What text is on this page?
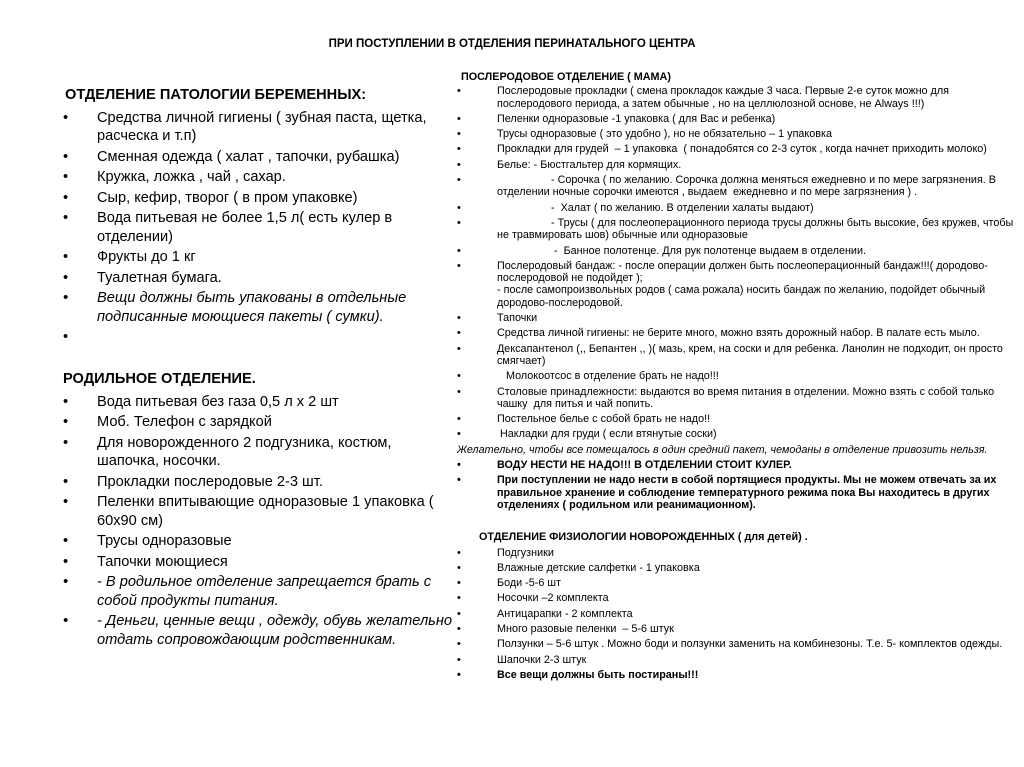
ПРИ ПОСТУПЛЕНИИ В ОТДЕЛЕНИЯ ПЕРИНАТАЛЬНОГО ЦЕНТРА
ОТДЕЛЕНИЕ ПАТОЛОГИИ БЕРЕМЕННЫХ:
• Средства личной гигиены ( зубная паста, щетка, расческа и т.п)
• Сменная одежда ( халат , тапочки, рубашка)
• Кружка, ложка , чай , сахар.
• Сыр, кефир, творог ( в пром упаковке)
• Вода питьевая не более 1,5 л( есть кулер в отделении)
• Фрукты до 1 кг
• Туалетная бумага.
• Вещи должны быть упакованы в отдельные подписанные моющиеся пакеты ( сумки).
•
РОДИЛЬНОЕ ОТДЕЛЕНИЕ.
• Вода питьевая без газа 0,5 л х 2 шт
• Моб. Телефон с зарядкой
• Для новорожденного 2 подгузника, костюм, шапочка, носочки.
• Прокладки послеродовые 2-3 шт.
• Пеленки впитывающие одноразовые 1 упаковка ( 60х90 см)
• Трусы одноразовые
• Тапочки моющиеся
• - В родильное отделение запрещается брать с собой продукты питания.
• - Деньги, ценные вещи , одежду, обувь желательно отдать сопровождающим родственникам.
ПОСЛЕРОДОВОЕ ОТДЕЛЕНИЕ ( МАМА)
•	Послеродовые прокладки ( смена прокладок каждые 3 часа. Первые 2-е суток можно для послеродового периода, а затем обычные , но на целлюлозной основе, не Always !!!)
•	Пеленки одноразовые -1 упаковка ( для Вас и ребенка)
•	Трусы одноразовые ( это удобно ), но не обязательно – 1 упаковка
•	Прокладки для грудей  – 1 упаковка  ( понадобятся со 2-3 суток , когда начнет приходить молоко)
•	Белье: - Бюстгальтер для кормящих.
•	- Сорочка ( по желанию. Сорочка должна меняться ежедневно и по мере загрязнения. В отделении ночные сорочки имеются , выдаем  ежедневно и по мере загрязнения ) .
•	-  Халат ( по желанию. В отделении халаты выдают)
•	- Трусы ( для послеоперационного периода трусы должны быть высокие, без кружев, чтобы не травмировать шов) обычные или одноразовые
•	-  Банное полотенце. Для рук полотенце выдаем в отделении.
•	Послеродовый бандаж: - после операции должен быть послеоперационный бандаж!!!( дородово-послеродовой не подойдет );
- после самопроизвольных родов ( сама рожала) носить бандаж по желанию, подойдет обычный дородово-послеродовой.
•	Тапочки
•	Средства личной гигиены: не берите много, можно взять дорожный набор. В палате есть мыло.
•	Дексапантенол (,, Бепантен ,, )( мазь, крем, на соски и для ребенка. Ланолин не подходит, он просто смягчает)
•	Молокоотсос в отделение брать не надо!!!
•	Столовые принадлежности: выдаются во время питания в отделении. Можно взять с собой только чашку  для питья и чай попить.
•	Постельное белье с собой брать не надо!!
•	Накладки для груди ( если втянутые соски)
Желательно, чтобы все помещалось в один средний пакет, чемоданы в отделение привозить нельзя.
•	ВОДУ НЕСТИ НЕ НАДО!!! В ОТДЕЛЕНИИ СТОИТ КУЛЕР.
•	При поступлении не надо нести в собой портящиеся продукты. Мы не можем отвечать за их правильное хранение и соблюдение температурного режима пока Вы находитесь в других отделениях ( родильном или реанимационном).
ОТДЕЛЕНИЕ ФИЗИОЛОГИИ НОВОРОЖДЕННЫХ ( для детей) .
•	Подгузники
•	Влажные детские салфетки - 1 упаковка
•	Боди -5-6 шт
•	Носочки –2 комплекта
•	Антицарапки - 2 комплекта
•	Много разовые пеленки  – 5-6 штук
•	Ползунки – 5-6 штук . Можно боди и ползунки заменить на комбинезоны. Т.е. 5- комплектов одежды.
•	Шапочки 2-3 штук
•	Все вещи должны быть постираны!!!
